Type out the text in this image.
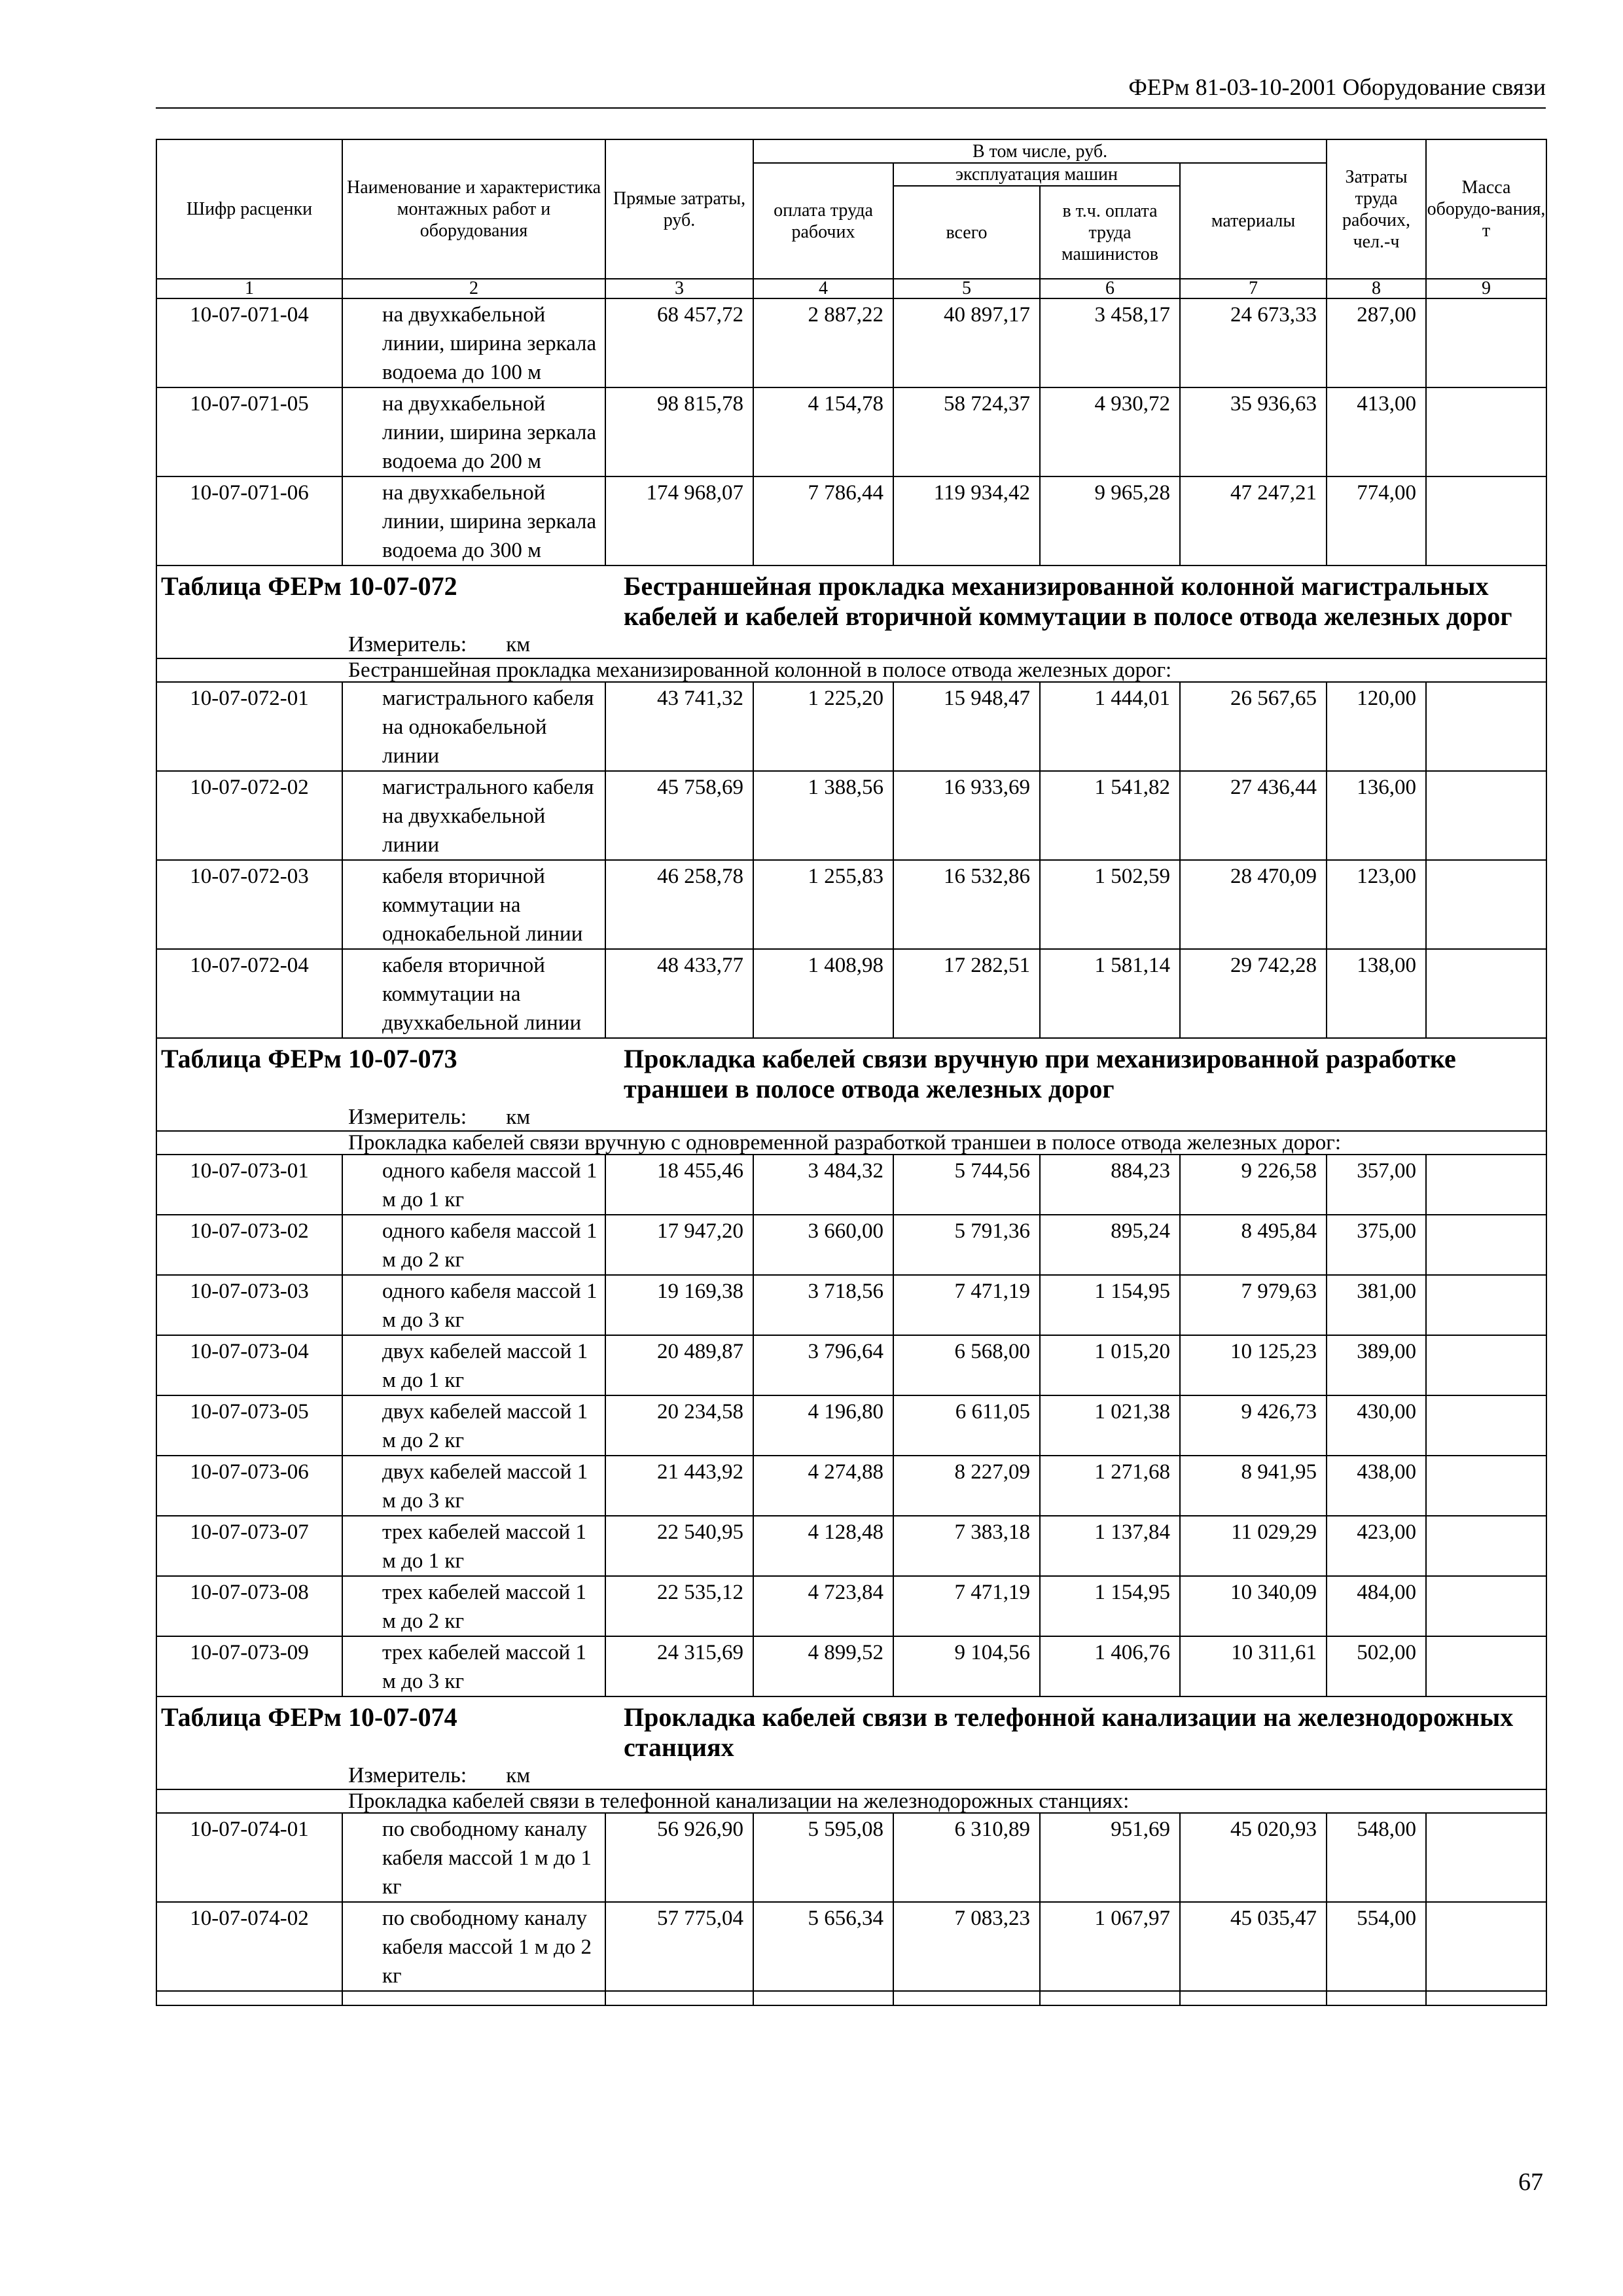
ФЕРм 81-03-10-2001 Оборудование связи
Шифр расценки	Наименование и характеристика монтажных работ и оборудования	Прямые затраты, руб.	В том числе, руб.				Затраты труда рабочих, чел.-ч	Масса оборудо-вания, т
			оплата труда рабочих	эксплуатация машин		материалы		
				всего	в т.ч. оплата труда машинистов			

1	2	3	4	5	6	7	8	9
10-07-071-04	на двухкабельной линии, ширина зеркала водоема до 100 м	68 457,72	2 887,22	40 897,17	3 458,17	24 673,33	287,00	
10-07-071-05	на двухкабельной линии, ширина зеркала водоема до 200 м	98 815,78	4 154,78	58 724,37	4 930,72	35 936,63	413,00	
10-07-071-06	на двухкабельной линии, ширина зеркала водоема до 300 м	174 968,07	7 786,44	119 934,42	9 965,28	47 247,21	774,00	
Таблица ФЕРм 10-07-072		Бестраншейная прокладка механизированной колонной магистральных кабелей и кабелей вторичной коммутации в полосе отвода железных дорог						

Измеритель: км								
Бестраншейная прокладка механизированной колонной в полосе отвода железных дорог:								
10-07-072-01	магистрального кабеля на однокабельной линии	43 741,32	1 225,20	15 948,47	1 444,01	26 567,65	120,00	
10-07-072-02	магистрального кабеля на двухкабельной линии	45 758,69	1 388,56	16 933,69	1 541,82	27 436,44	136,00	
10-07-072-03	кабеля вторичной коммутации на однокабельной линии	46 258,78	1 255,83	16 532,86	1 502,59	28 470,09	123,00	
10-07-072-04	кабеля вторичной коммутации на двухкабельной линии	48 433,77	1 408,98	17 282,51	1 581,14	29 742,28	138,00	
Таблица ФЕРм 10-07-073		Прокладка кабелей связи вручную при механизированной разработке траншеи в полосе отвода железных дорог						

Измеритель: км								
Прокладка кабелей связи вручную с одновременной разработкой траншеи в полосе отвода железных дорог:								
10-07-073-01	одного кабеля массой 1 м до 1 кг	18 455,46	3 484,32	5 744,56	884,23	9 226,58	357,00	
10-07-073-02	одного кабеля массой 1 м до 2 кг	17 947,20	3 660,00	5 791,36	895,24	8 495,84	375,00	
10-07-073-03	одного кабеля массой 1 м до 3 кг	19 169,38	3 718,56	7 471,19	1 154,95	7 979,63	381,00	
10-07-073-04	двух кабелей массой 1 м до 1 кг	20 489,87	3 796,64	6 568,00	1 015,20	10 125,23	389,00	
10-07-073-05	двух кабелей массой 1 м до 2 кг	20 234,58	4 196,80	6 611,05	1 021,38	9 426,73	430,00	
10-07-073-06	двух кабелей массой 1 м до 3 кг	21 443,92	4 274,88	8 227,09	1 271,68	8 941,95	438,00	
10-07-073-07	трех кабелей массой 1 м до 1 кг	22 540,95	4 128,48	7 383,18	1 137,84	11 029,29	423,00	
10-07-073-08	трех кабелей массой 1 м до 2 кг	22 535,12	4 723,84	7 471,19	1 154,95	10 340,09	484,00	
10-07-073-09	трех кабелей массой 1 м до 3 кг	24 315,69	4 899,52	9 104,56	1 406,76	10 311,61	502,00	
Таблица ФЕРм 10-07-074		Прокладка кабелей связи в телефонной канализации на железнодорожных станциях						

Измеритель: км								
Прокладка кабелей связи в телефонной канализации на железнодорожных станциях:								
10-07-074-01	по свободному каналу кабеля массой 1 м до 1 кг	56 926,90	5 595,08	6 310,89	951,69	45 020,93	548,00	
10-07-074-02	по свободному каналу кабеля массой 1 м до 2 кг	57 775,04	5 656,34	7 083,23	1 067,97	45 035,47	554,00	

67
